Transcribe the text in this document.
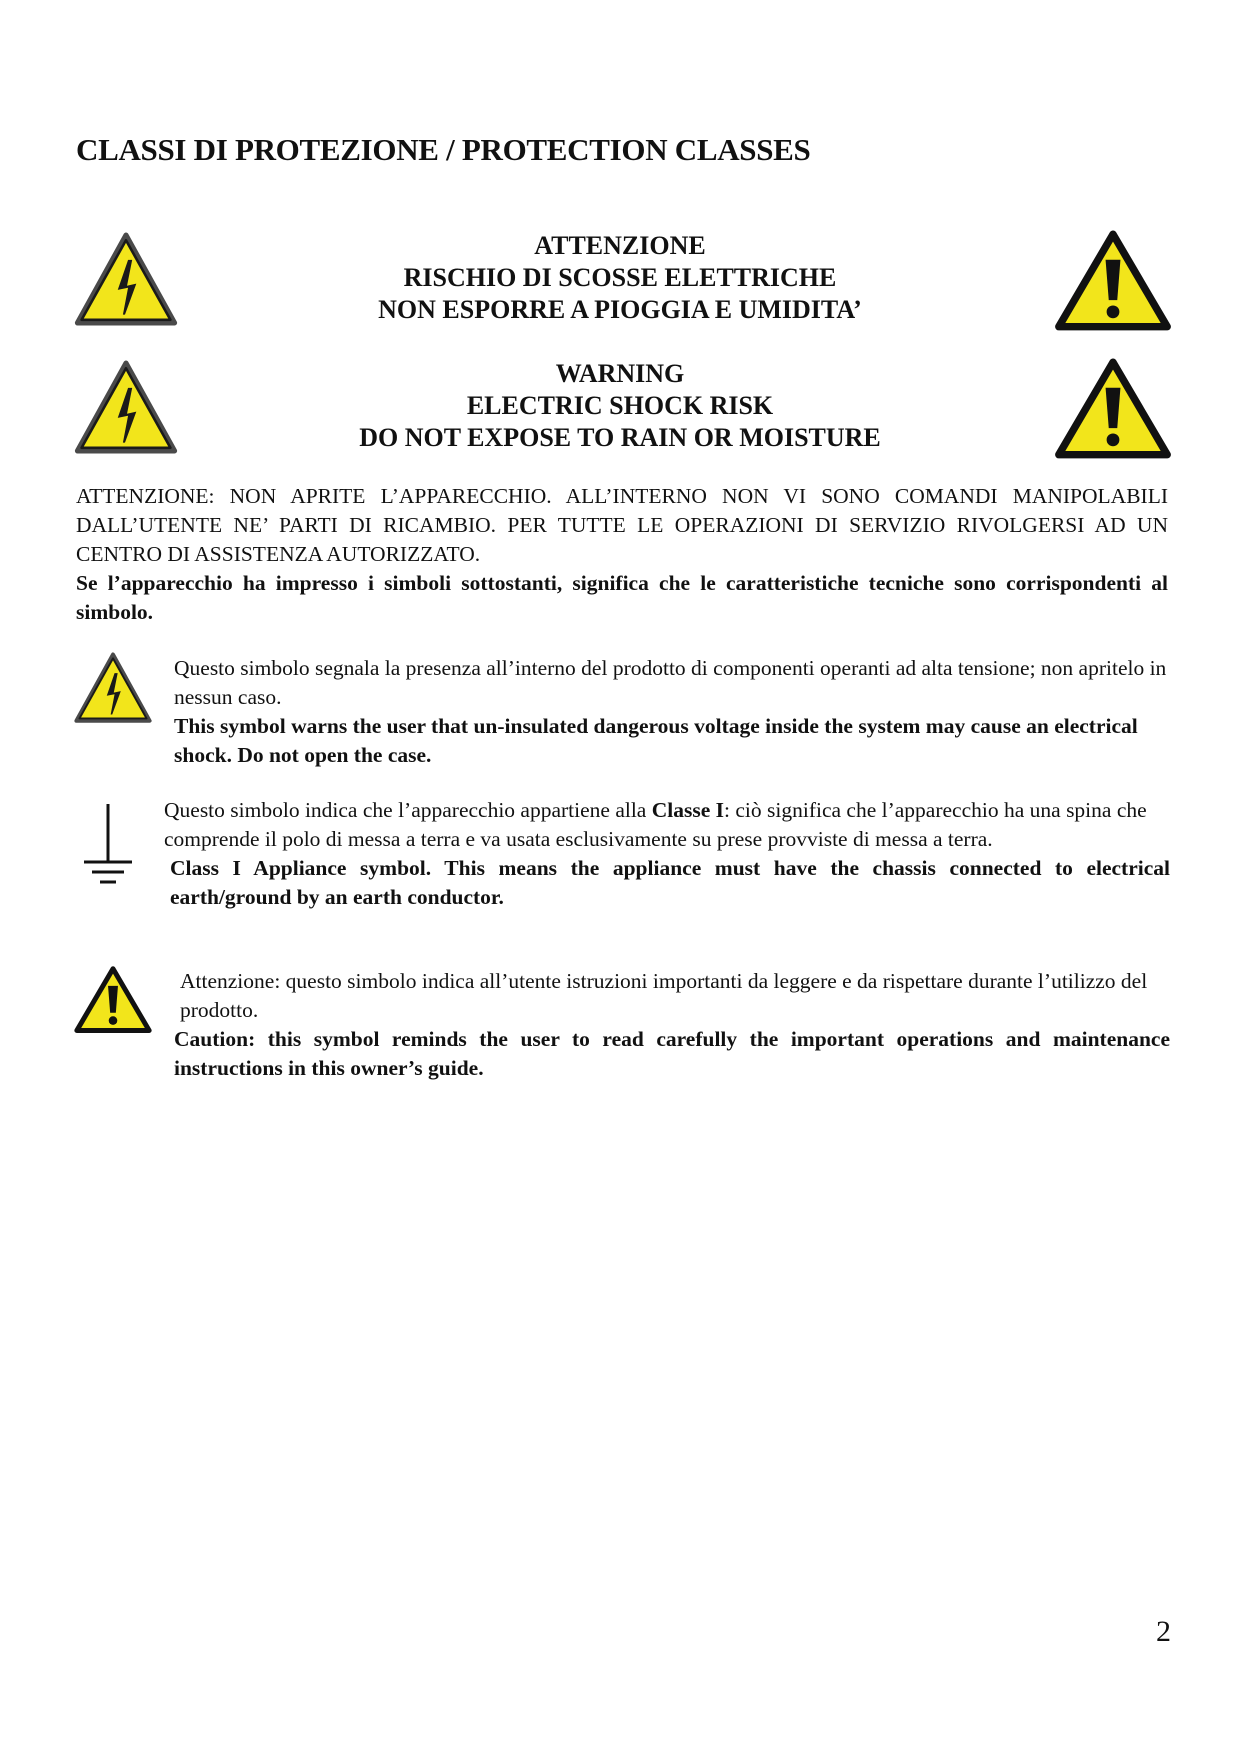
CLASSI DI PROTEZIONE / PROTECTION CLASSES
ATTENZIONE
RISCHIO DI SCOSSE ELETTRICHE
NON ESPORRE A PIOGGIA E UMIDITA’
WARNING
ELECTRIC SHOCK RISK
DO NOT EXPOSE TO RAIN OR MOISTURE
ATTENZIONE: NON APRITE L’APPARECCHIO. ALL’INTERNO NON VI SONO COMANDI MANIPOLABILI DALL’UTENTE NE’ PARTI DI RICAMBIO. PER TUTTE LE OPERAZIONI DI SERVIZIO RIVOLGERSI AD UN CENTRO DI ASSISTENZA AUTORIZZATO.
Se l’apparecchio ha impresso i simboli sottostanti, significa che le caratteristiche tecniche sono corrispondenti al simbolo.
Questo simbolo segnala la presenza all’interno del prodotto di componenti operanti ad alta tensione; non apritelo in nessun caso.
This symbol warns the user that un-insulated dangerous voltage inside the system may cause an electrical shock. Do not open the case.
Questo simbolo indica che l’apparecchio appartiene alla Classe I: ciò significa che l’apparecchio ha una spina che comprende il polo di messa a terra e va usata esclusivamente su prese provviste di messa a terra.
Class I Appliance symbol. This means the appliance must have the chassis connected to electrical earth/ground by an earth conductor.
Attenzione: questo simbolo indica all’utente istruzioni importanti da leggere e da rispettare durante l’utilizzo del prodotto.
Caution: this symbol reminds the user to read carefully the important operations and maintenance instructions in this owner’s guide.
2
